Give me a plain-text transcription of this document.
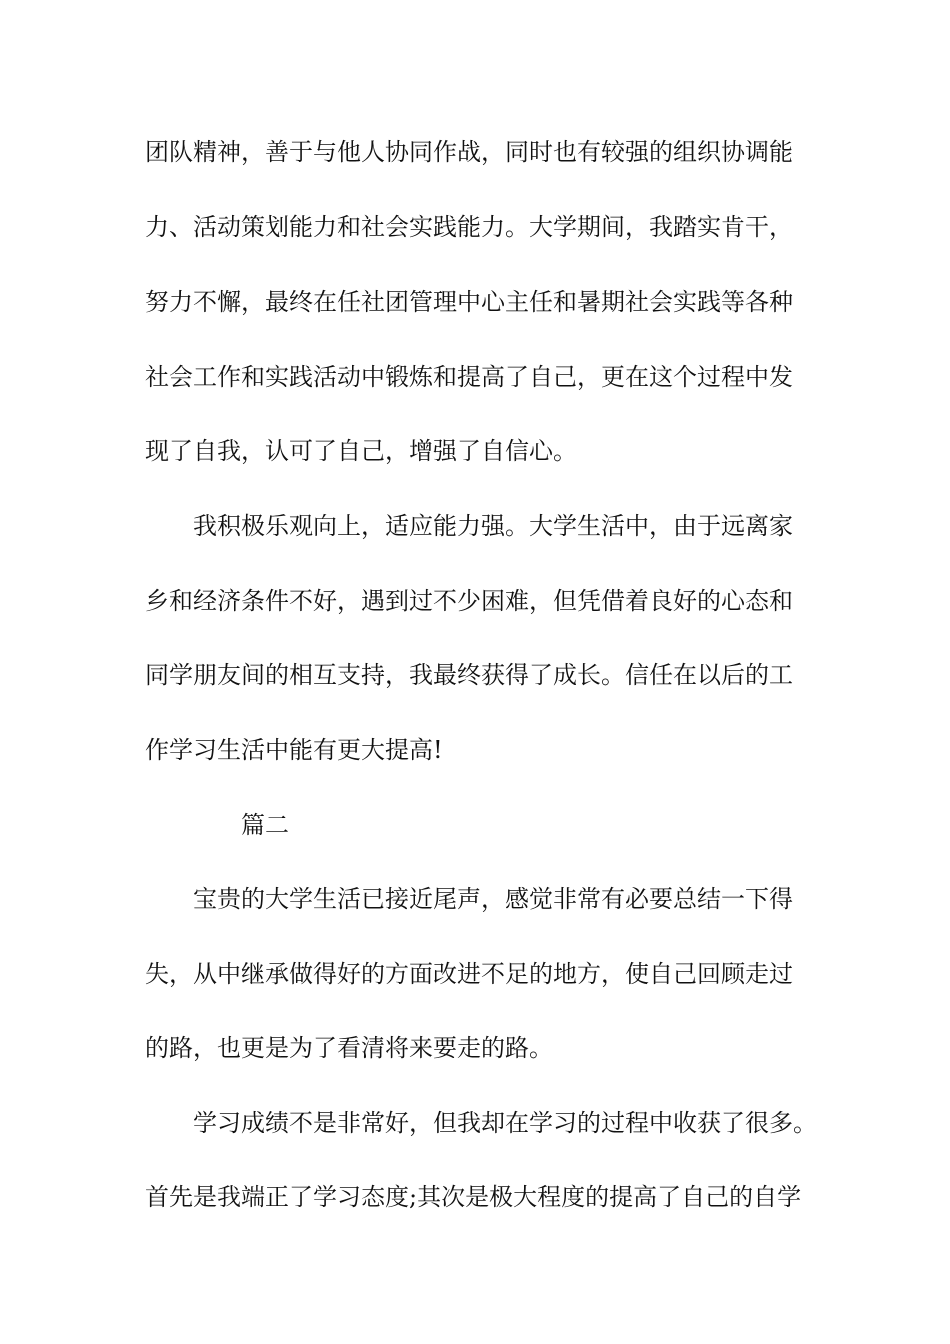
团队精神，善于与他人协同作战，同时也有较强的组织协调能
力、活动策划能力和社会实践能力。大学期间，我踏实肯干，
努力不懈，最终在任社团管理中心主任和暑期社会实践等各种
社会工作和实践活动中锻炼和提高了自己，更在这个过程中发
现了自我，认可了自己，增强了自信心。
我积极乐观向上，适应能力强。大学生活中，由于远离家
乡和经济条件不好，遇到过不少困难，但凭借着良好的心态和
同学朋友间的相互支持，我最终获得了成长。信任在以后的工
作学习生活中能有更大提高!
篇二
宝贵的大学生活已接近尾声，感觉非常有必要总结一下得
失，从中继承做得好的方面改进不足的地方，使自己回顾走过
的路，也更是为了看清将来要走的路。
学习成绩不是非常好，但我却在学习的过程中收获了很多。
首先是我端正了学习态度;其次是极大程度的提高了自己的自学
